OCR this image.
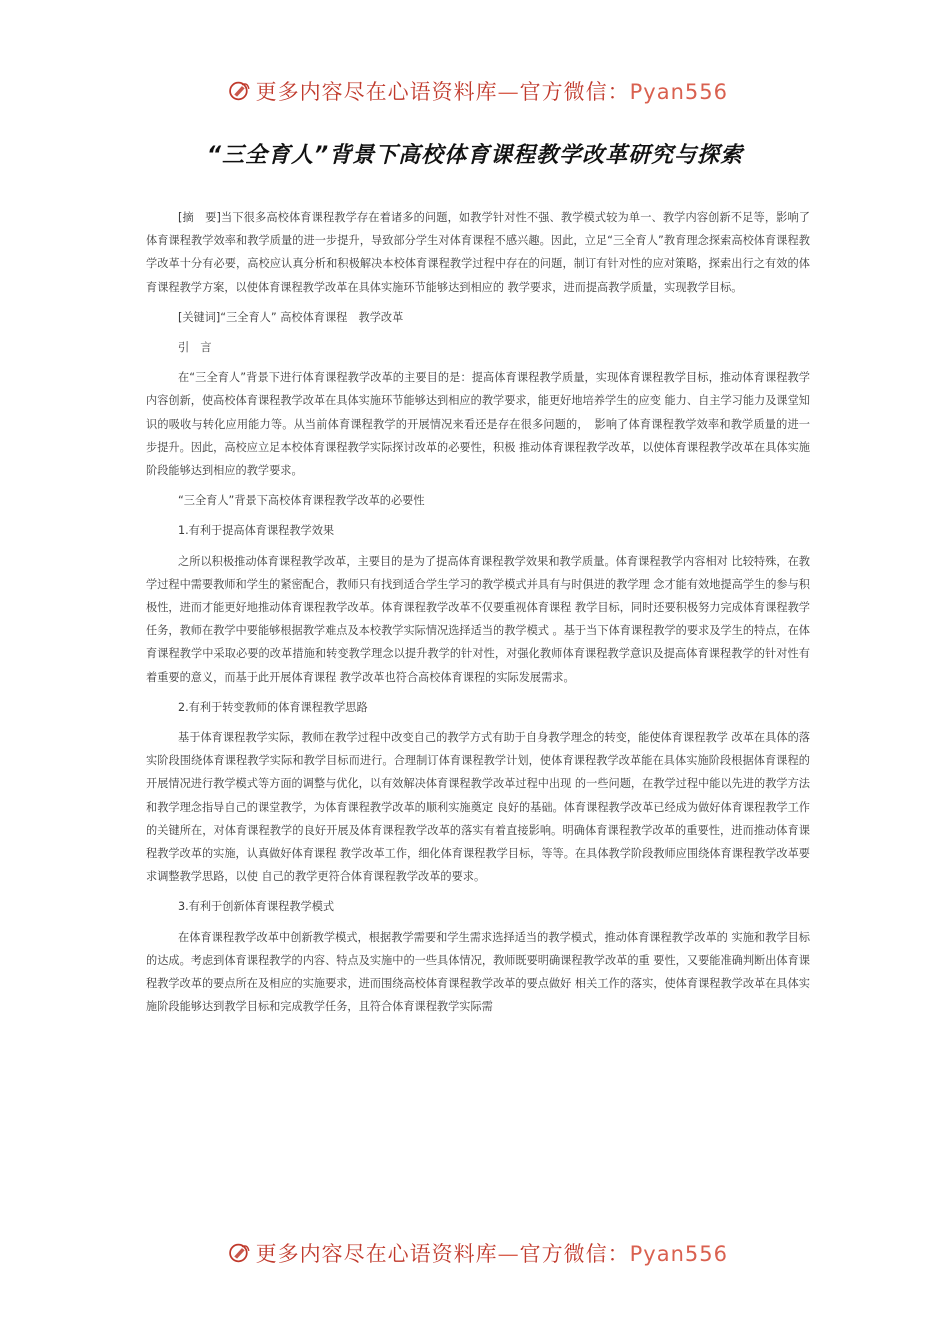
更多内容尽在心语资料库—官方微信：Pyan556
“三全育人”背景下高校体育课程教学改革研究与探索

[摘　要]当下很多高校体育课程教学存在着诸多的问题，如教学针对性不强、教学模式较为单一、教学内容创新不足等，影响了体育课程教学效率和教学质量的进一步提升，导致部分学生对体育课程不感兴趣。因此，立足“三全育人”教育理念探索高校体育课程教学改革十分有必要，高校应认真分析和积极解决本校体育课程教学过程中存在的问题，制订有针对性的应对策略，探索出行之有效的体育课程教学方案，以使体育课程教学改革在具体实施环节能够达到相应的 教学要求，进而提高教学质量，实现教学目标。

[关键词]“三全育人” 高校体育课程　教学改革

引　言

在“三全育人”背景下进行体育课程教学改革的主要目的是：提高体育课程教学质量，实现体育课程教学目标，推动体育课程教学内容创新，使高校体育课程教学改革在具体实施环节能够达到相应的教学要求，能更好地培养学生的应变 能力、自主学习能力及课堂知识的吸收与转化应用能力等。从当前体育课程教学的开展情况来看还是存在很多问题的，　影响了体育课程教学效率和教学质量的进一步提升。因此，高校应立足本校体育课程教学实际探讨改革的必要性，积极 推动体育课程教学改革，以使体育课程教学改革在具体实施阶段能够达到相应的教学要求。

“三全育人”背景下高校体育课程教学改革的必要性

1.有利于提高体育课程教学效果

之所以积极推动体育课程教学改革，主要目的是为了提高体育课程教学效果和教学质量。体育课程教学内容相对 比较特殊，在教学过程中需要教师和学生的紧密配合，教师只有找到适合学生学习的教学模式并具有与时俱进的教学理 念才能有效地提高学生的参与积极性，进而才能更好地推动体育课程教学改革。体育课程教学改革不仅要重视体育课程 教学目标，同时还要积极努力完成体育课程教学任务，教师在教学中要能够根据教学难点及本校教学实际情况选择适当的教学模式 。基于当下体育课程教学的要求及学生的特点，在体育课程教学中采取必要的改革措施和转变教学理念以提升教学的针对性，对强化教师体育课程教学意识及提高体育课程教学的针对性有着重要的意义，而基于此开展体育课程 教学改革也符合高校体育课程的实际发展需求。

2.有利于转变教师的体育课程教学思路

基于体育课程教学实际，教师在教学过程中改变自己的教学方式有助于自身教学理念的转变，能使体育课程教学 改革在具体的落实阶段围绕体育课程教学实际和教学目标而进行。合理制订体育课程教学计划，使体育课程教学改革能在具体实施阶段根据体育课程的开展情况进行教学模式等方面的调整与优化，以有效解决体育课程教学改革过程中出现 的一些问题，在教学过程中能以先进的教学方法和教学理念指导自己的课堂教学，为体育课程教学改革的顺利实施奠定 良好的基础。体育课程教学改革已经成为做好体育课程教学工作的关键所在，对体育课程教学的良好开展及体育课程教学改革的落实有着直接影响。明确体育课程教学改革的重要性，进而推动体育课程教学改革的实施，认真做好体育课程 教学改革工作，细化体育课程教学目标，等等。在具体教学阶段教师应围绕体育课程教学改革要求调整教学思路，以使 自己的教学更符合体育课程教学改革的要求。

3.有利于创新体育课程教学模式

在体育课程教学改革中创新教学模式，根据教学需要和学生需求选择适当的教学模式，推动体育课程教学改革的 实施和教学目标的达成。考虑到体育课程教学的内容、特点及实施中的一些具体情况，教师既要明确课程教学改革的重 要性，又要能准确判断出体育课程教学改革的要点所在及相应的实施要求，进而围绕高校体育课程教学改革的要点做好 相关工作的落实，使体育课程教学改革在具体实施阶段能够达到教学目标和完成教学任务，且符合体育课程教学实际需

更多内容尽在心语资料库—官方微信：Pyan556
